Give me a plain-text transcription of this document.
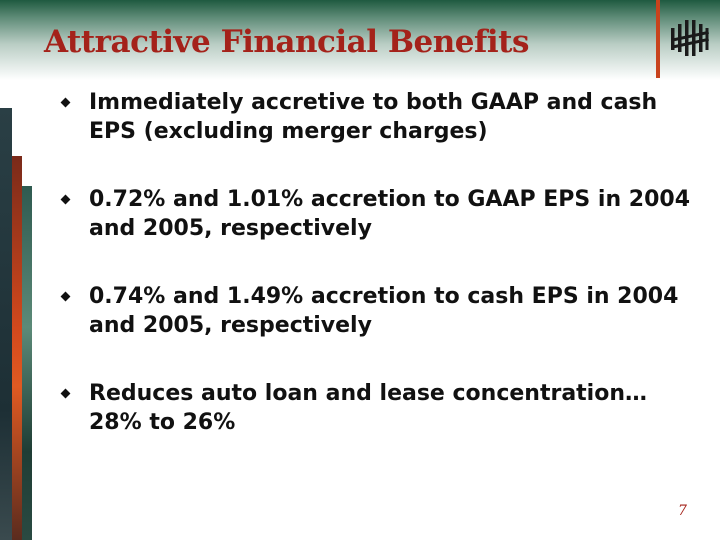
Attractive Financial Benefits
Immediately accretive to both GAAP and cash EPS (excluding merger charges)
0.72% and 1.01% accretion to GAAP EPS in 2004 and 2005, respectively
0.74% and 1.49% accretion to cash EPS in 2004 and 2005, respectively
Reduces auto loan and lease concentration… 28% to 26%
7
